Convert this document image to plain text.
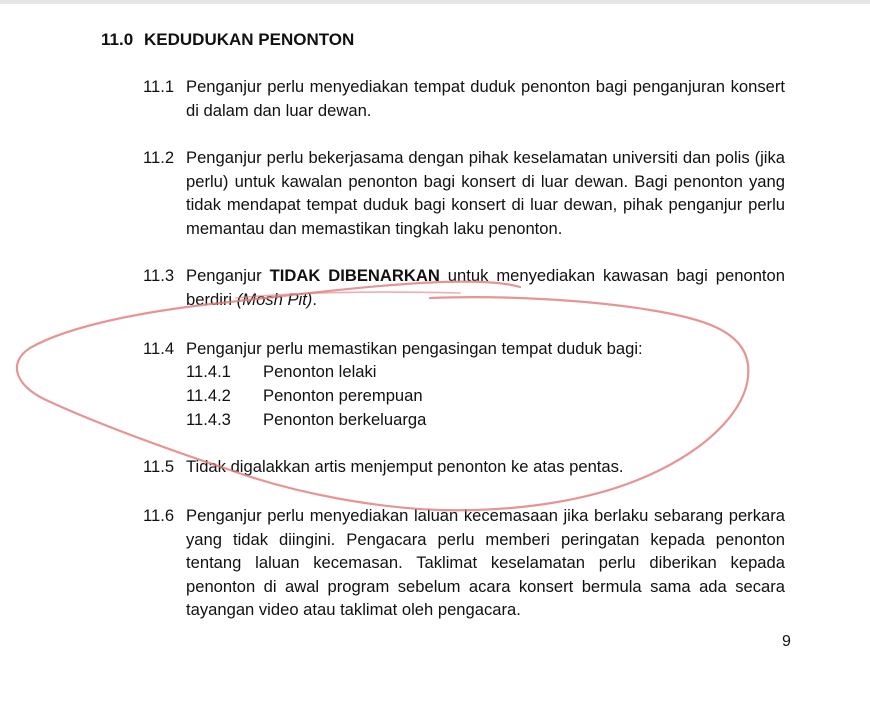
11.0 KEDUDUKAN PENONTON
11.1 Penganjur perlu menyediakan tempat duduk penonton bagi penganjuran konsert di dalam dan luar dewan.
11.2 Penganjur perlu bekerjasama dengan pihak keselamatan universiti dan polis (jika perlu) untuk kawalan penonton bagi konsert di luar dewan. Bagi penonton yang tidak mendapat tempat duduk bagi konsert di luar dewan, pihak penganjur perlu memantau dan memastikan tingkah laku penonton.
11.3 Penganjur TIDAK DIBENARKAN untuk menyediakan kawasan bagi penonton berdiri (Mosh Pit).
11.4 Penganjur perlu memastikan pengasingan tempat duduk bagi:
11.4.1 Penonton lelaki
11.4.2 Penonton perempuan
11.4.3 Penonton berkeluarga
11.5 Tidak digalakkan artis menjemput penonton ke atas pentas.
11.6 Penganjur perlu menyediakan laluan kecemasaan jika berlaku sebarang perkara yang tidak diingini. Pengacara perlu memberi peringatan kepada penonton tentang laluan kecemasan. Taklimat keselamatan perlu diberikan kepada penonton di awal program sebelum acara konsert bermula sama ada secara tayangan video atau taklimat oleh pengacara.
9
